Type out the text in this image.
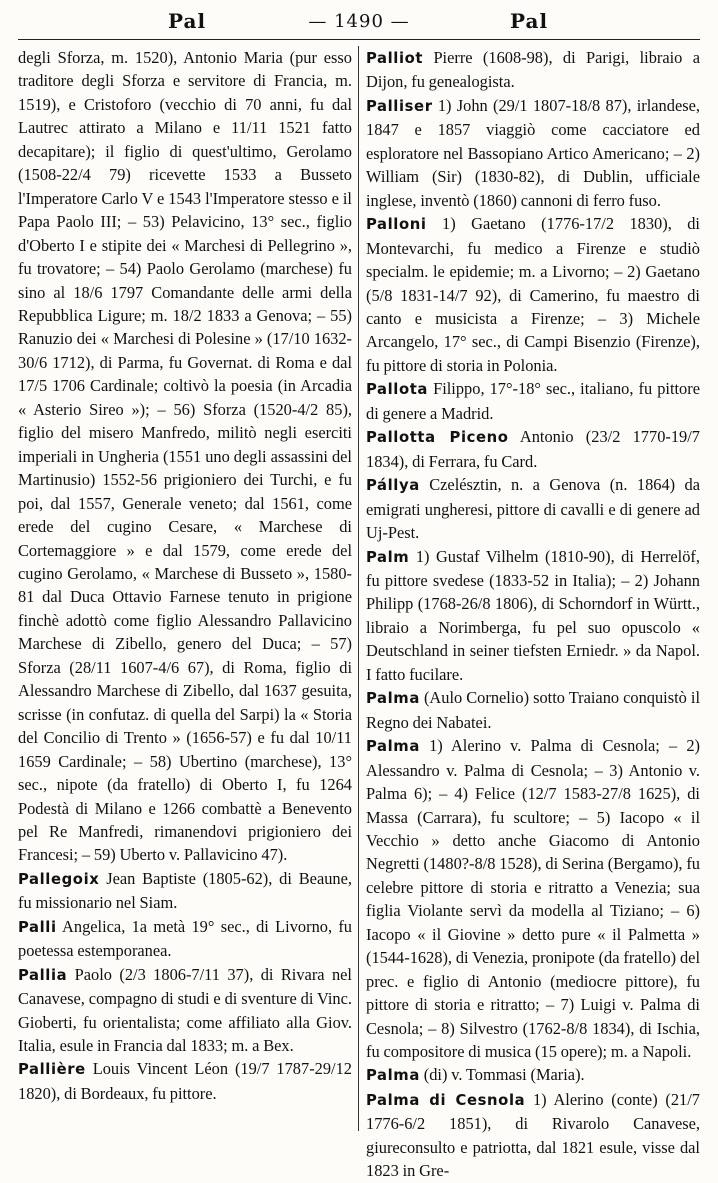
Pal	— 1490 —	Pal

degli Sforza, m. 1520), Antonio Maria (pur esso traditore degli Sforza e servitore di Francia, m. 1519), e Cristoforo (vecchio di 70 anni, fu dal Lautrec attirato a Milano e 11/11 1521 fatto decapitare); il figlio di quest'ultimo, Gerolamo (1508-22/4 79) ricevette 1533 a Busseto l'Imperatore Carlo V e 1543 l'Imperatore stesso e il Papa Paolo III; – 53) Pelavicino, 13° sec., figlio d'Oberto I e stipite dei « Marchesi di Pellegrino », fu trovatore; – 54) Paolo Gerolamo (marchese) fu sino al 18/6 1797 Comandante delle armi della Repubblica Ligure; m. 18/2 1833 a Genova; – 55) Ranuzio dei « Marchesi di Polesine » (17/10 1632-30/6 1712), di Parma, fu Governat. di Roma e dal 17/5 1706 Cardinale; coltivò la poesia (in Arcadia « Asterio Sireo »); – 56) Sforza (1520-4/2 85), figlio del misero Manfredo, militò negli eserciti imperiali in Ungheria (1551 uno degli assassini del Martinusio) 1552-56 prigioniero dei Turchi, e fu poi, dal 1557, Generale veneto; dal 1561, come erede del cugino Cesare, « Marchese di Cortemaggiore » e dal 1579, come erede del cugino Gerolamo, « Marchese di Busseto », 1580-81 dal Duca Ottavio Farnese tenuto in prigione finchè adottò come figlio Alessandro Pallavicino Marchese di Zibello, genero del Duca; – 57) Sforza (28/11 1607-4/6 67), di Roma, figlio di Alessandro Marchese di Zibello, dal 1637 gesuita, scrisse (in confutaz. di quella del Sarpi) la « Storia del Concilio di Trento » (1656-57) e fu dal 10/11 1659 Cardinale; – 58) Ubertino (marchese), 13° sec., nipote (da fratello) di Oberto I, fu 1264 Podestà di Milano e 1266 combattè a Benevento pel Re Manfredi, rimanendovi prigioniero dei Francesi; – 59) Uberto v. Pallavicino 47).

Pallegoix Jean Baptiste (1805-62), di Beaune, fu missionario nel Siam.

Palli Angelica, 1a metà 19° sec., di Livorno, fu poetessa estemporanea.

Pallia Paolo (2/3 1806-7/11 37), di Rivara nel Canavese, compagno di studi e di sventure di Vinc. Gioberti, fu orientalista; come affiliato alla Giov. Italia, esule in Francia dal 1833; m. a Bex.

Pallière Louis Vincent Léon (19/7 1787-29/12 1820), di Bordeaux, fu pittore.

Palliot Pierre (1608-98), di Parigi, libraio a Dijon, fu genealogista.

Palliser 1) John (29/1 1807-18/8 87), irlandese, 1847 e 1857 viaggiò come cacciatore ed esploratore nel Bassopiano Artico Americano; – 2) William (Sir) (1830-82), di Dublin, ufficiale inglese, inventò (1860) cannoni di ferro fuso.

Palloni 1) Gaetano (1776-17/2 1830), di Montevarchi, fu medico a Firenze e studiò specialm. le epidemie; m. a Livorno; – 2) Gaetano (5/8 1831-14/7 92), di Camerino, fu maestro di canto e musicista a Firenze; – 3) Michele Arcangelo, 17° sec., di Campi Bisenzio (Firenze), fu pittore di storia in Polonia.

Pallota Filippo, 17°-18° sec., italiano, fu pittore di genere a Madrid.

Pallotta Piceno Antonio (23/2 1770-19/7 1834), di Ferrara, fu Card.

Pállya Czelésztin, n. a Genova (n. 1864) da emigrati ungheresi, pittore di cavalli e di genere ad Uj-Pest.

Palm 1) Gustaf Vilhelm (1810-90), di Herrelöf, fu pittore svedese (1833-52 in Italia); – 2) Johann Philipp (1768-26/8 1806), di Schorndorf in Württ., libraio a Norimberga, fu pel suo opuscolo « Deutschland in seiner tiefsten Erniedr. » da Napol. I fatto fucilare.

Palma (Aulo Cornelio) sotto Traiano conquistò il Regno dei Nabatei.

Palma 1) Alerino v. Palma di Cesnola; – 2) Alessandro v. Palma di Cesnola; – 3) Antonio v. Palma 6); – 4) Felice (12/7 1583-27/8 1625), di Massa (Carrara), fu scultore; – 5) Iacopo « il Vecchio » detto anche Giacomo di Antonio Negretti (1480?-8/8 1528), di Serina (Bergamo), fu celebre pittore di storia e ritratto a Venezia; sua figlia Violante servì da modella al Tiziano; – 6) Iacopo « il Giovine » detto pure « il Palmetta » (1544-1628), di Venezia, pronipote (da fratello) del prec. e figlio di Antonio (mediocre pittore), fu pittore di storia e ritratto; – 7) Luigi v. Palma di Cesnola; – 8) Silvestro (1762-8/8 1834), di Ischia, fu compositore di musica (15 opere); m. a Napoli.

Palma (di) v. Tommasi (Maria).

Palma di Cesnola 1) Alerino (conte) (21/7 1776-6/2 1851), di Rivarolo Canavese, giureconsulto e patriotta, dal 1821 esule, visse dal 1823 in Gre-
